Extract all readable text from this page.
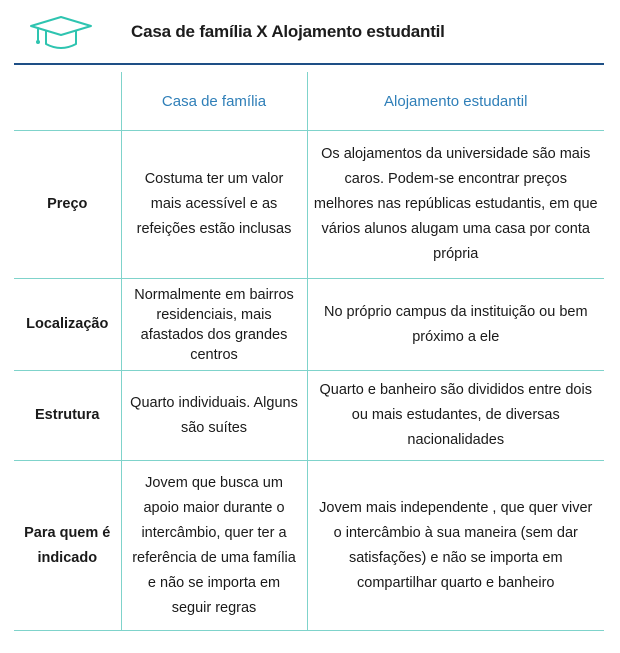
Casa de família X Alojamento estudantil
	Casa de família	Alojamento estudantil
Preço	Costuma ter um valor mais acessível e as refeições estão inclusas	Os alojamentos da universidade são mais caros. Podem-se encontrar preços melhores nas repúblicas estudantis, em que vários alunos alugam uma casa por conta própria
Localização	Normalmente em bairros residenciais, mais afastados dos grandes centros	No próprio campus da instituição ou bem próximo a ele
Estrutura	Quarto individuais. Alguns são suítes	Quarto e banheiro são divididos entre dois ou mais estudantes, de diversas nacionalidades
Para quem é indicado	Jovem que busca um apoio maior durante o intercâmbio, quer ter a referência de uma família e não se importa em seguir regras	Jovem mais independente , que quer viver o intercâmbio à sua maneira (sem dar satisfações) e não se importa em compartilhar quarto e banheiro
